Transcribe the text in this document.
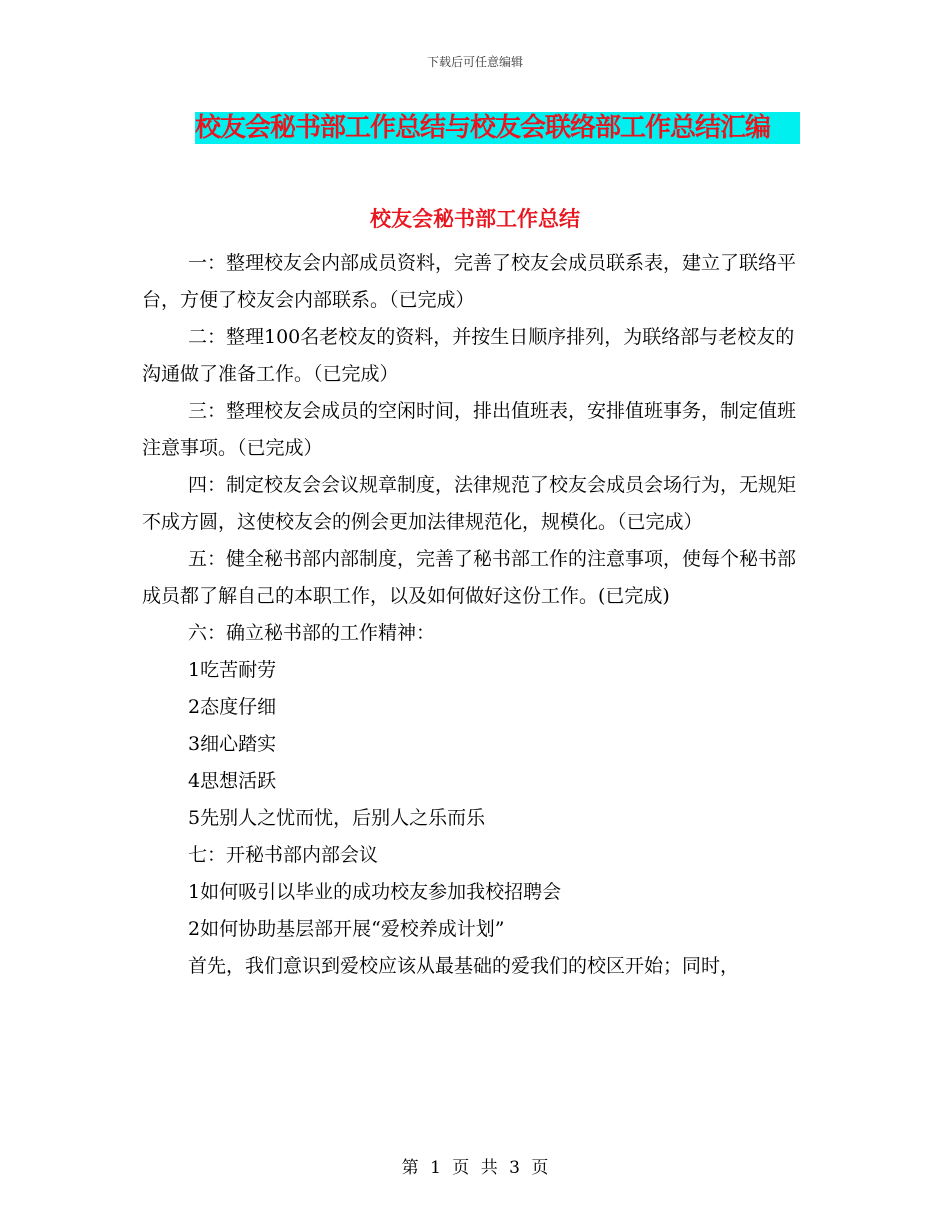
下载后可任意编辑
校友会秘书部工作总结与校友会联络部工作总结汇编
校友会秘书部工作总结

一：整理校友会内部成员资料，完善了校友会成员联系表，建立了联络平台，方便了校友会内部联系。（已完成）

二：整理100名老校友的资料，并按生日顺序排列，为联络部与老校友的沟通做了准备工作。（已完成）

三：整理校友会成员的空闲时间，排出值班表，安排值班事务，制定值班注意事项。（已完成）

四：制定校友会会议规章制度，法律规范了校友会成员会场行为，无规矩不成方圆，这使校友会的例会更加法律规范化，规模化。（已完成）

五：健全秘书部内部制度，完善了秘书部工作的注意事项，使每个秘书部成员都了解自己的本职工作，以及如何做好这份工作。(已完成)

六：确立秘书部的工作精神：

1吃苦耐劳

2态度仔细

3细心踏实

4思想活跃

5先别人之忧而忧，后别人之乐而乐

七：开秘书部内部会议

1如何吸引以毕业的成功校友参加我校招聘会

2如何协助基层部开展“爱校养成计划”

首先，我们意识到爱校应该从最基础的爱我们的校区开始；同时，

第 1 页 共 3 页
